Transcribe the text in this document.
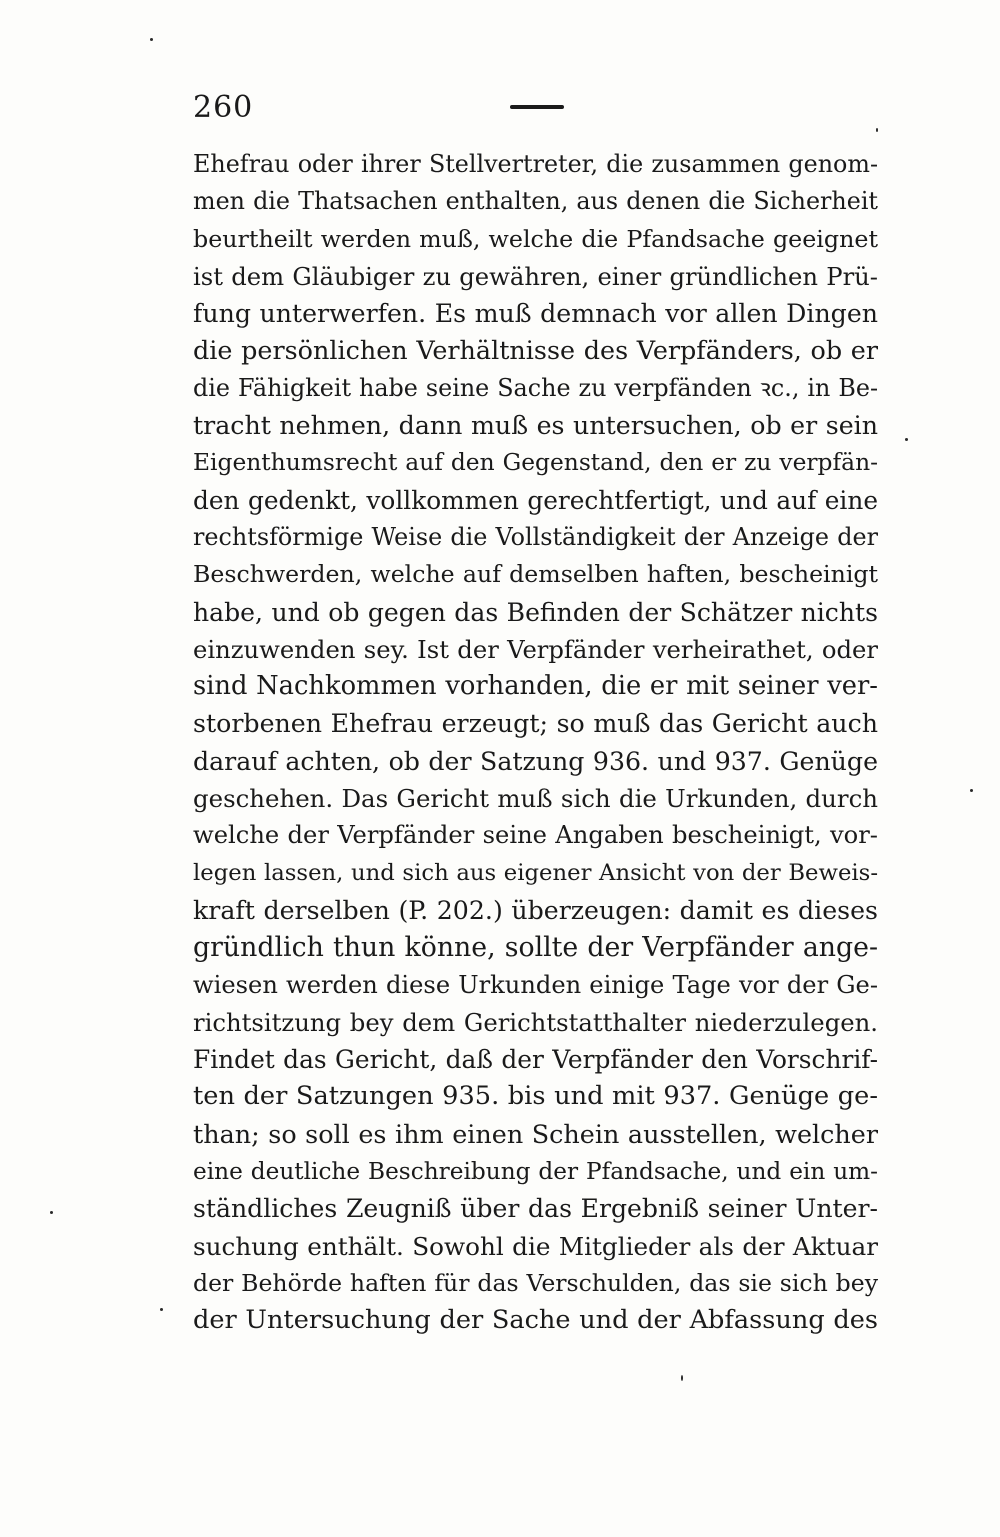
260
Ehefrau oder ihrer Stellvertreter, die zusammen genom-
men die Thatsachen enthalten, aus denen die Sicherheit
beurtheilt werden muß, welche die Pfandsache geeignet
ist dem Gläubiger zu gewähren, einer gründlichen Prü-
fung unterwerfen. Es muß demnach vor allen Dingen
die persönlichen Verhältnisse des Verpfänders, ob er
die Fähigkeit habe seine Sache zu verpfänden ꝛc., in Be-
tracht nehmen, dann muß es untersuchen, ob er sein
Eigenthumsrecht auf den Gegenstand, den er zu verpfän-
den gedenkt, vollkommen gerechtfertigt, und auf eine
rechtsförmige Weise die Vollständigkeit der Anzeige der
Beschwerden, welche auf demselben haften, bescheinigt
habe, und ob gegen das Befinden der Schätzer nichts
einzuwenden sey. Ist der Verpfänder verheirathet, oder
sind Nachkommen vorhanden, die er mit seiner ver-
storbenen Ehefrau erzeugt; so muß das Gericht auch
darauf achten, ob der Satzung 936. und 937. Genüge
geschehen. Das Gericht muß sich die Urkunden, durch
welche der Verpfänder seine Angaben bescheinigt, vor-
legen lassen, und sich aus eigener Ansicht von der Beweis-
kraft derselben (P. 202.) überzeugen: damit es dieses
gründlich thun könne, sollte der Verpfänder ange-
wiesen werden diese Urkunden einige Tage vor der Ge-
richtsitzung bey dem Gerichtstatthalter niederzulegen.
Findet das Gericht, daß der Verpfänder den Vorschrif-
ten der Satzungen 935. bis und mit 937. Genüge ge-
than; so soll es ihm einen Schein ausstellen, welcher
eine deutliche Beschreibung der Pfandsache, und ein um-
ständliches Zeugniß über das Ergebniß seiner Unter-
suchung enthält. Sowohl die Mitglieder als der Aktuar
der Behörde haften für das Verschulden, das sie sich bey
der Untersuchung der Sache und der Abfassung des
